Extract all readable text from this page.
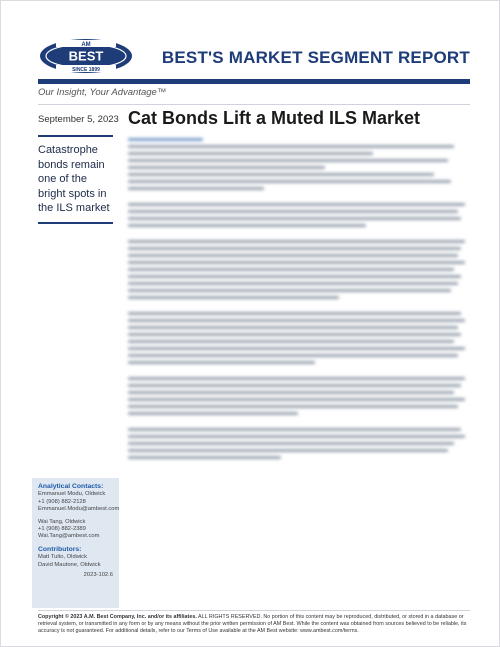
AM
BEST
SINCE 1899
BEST'S MARKET SEGMENT REPORT
Our Insight, Your Advantage™
September 5, 2023
Catastrophe bonds remain one of the bright spots in the ILS market
Analytical Contacts:
Emmanuel Modu, Oldwick
+1 (908) 882-2128
Emmanuel.Modu@ambest.com
Wai Tang, Oldwick
+1 (908) 882-2389
Wai.Tang@ambest.com
Contributors:
Matt Tulto, Oldwick
David Mautone, Oldwick
2023-102.6
Cat Bonds Lift a Muted ILS Market
Copyright © 2023 A.M. Best Company, Inc. and/or its affiliates. ALL RIGHTS RESERVED. No portion of this content may be reproduced, distributed, or stored in a database or retrieval system, or transmitted in any form or by any means without the prior written permission of AM Best. While the content was obtained from sources believed to be reliable, its accuracy is not guaranteed. For additional details, refer to our Terms of Use available at the AM Best website: www.ambest.com/terms.
